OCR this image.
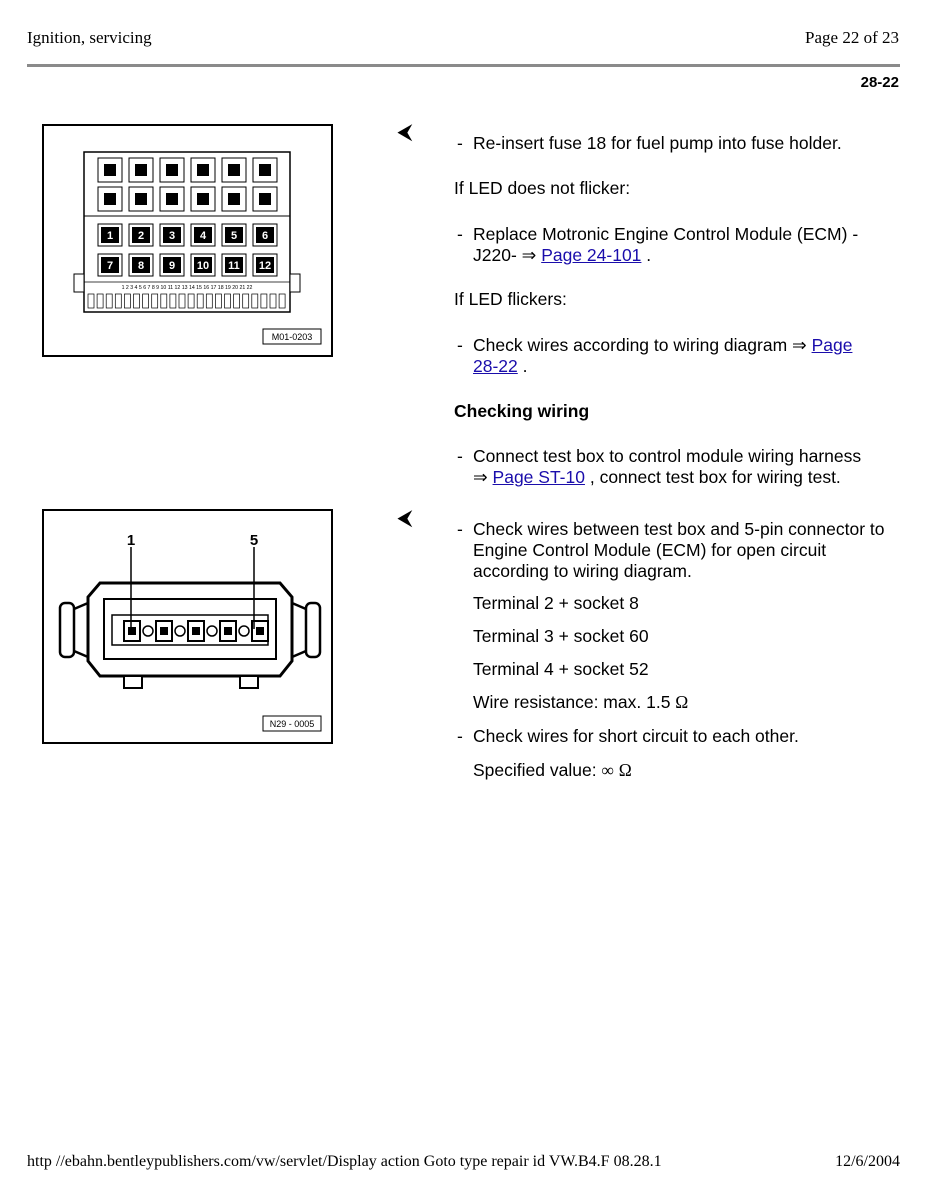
Ignition, servicing	Page 22 of 23
28-22
1 2 3 4 5 6
7 8 9 10 11 12
1 2 3 4 5 6 7 8 9 10 11 12 13 14 15 16 17 18 19 20 21 22
M01-0203
1	5
N29 - 0005
⮜
⮜
- Re-insert fuse 18 for fuel pump into fuse holder.
If LED does not flicker:
- Replace Motronic Engine Control Module (ECM) -
J220- ⇒ Page 24-101 .
If LED flickers:
- Check wires according to wiring diagram ⇒ Page
28-22 .
Checking wiring
- Connect test box to control module wiring harness
⇒ Page ST-10 , connect test box for wiring test.
- Check wires between test box and 5-pin connector to Engine Control Module (ECM) for open circuit according to wiring diagram.
Terminal 2 + socket 8
Terminal 3 + socket 60
Terminal 4 + socket 52
Wire resistance: max. 1.5 Ω
- Check wires for short circuit to each other.
Specified value: ∞ Ω
http //ebahn.bentleypublishers.com/vw/servlet/Display action Goto type repair id VW.B4.F 08.28.1	12/6/2004
